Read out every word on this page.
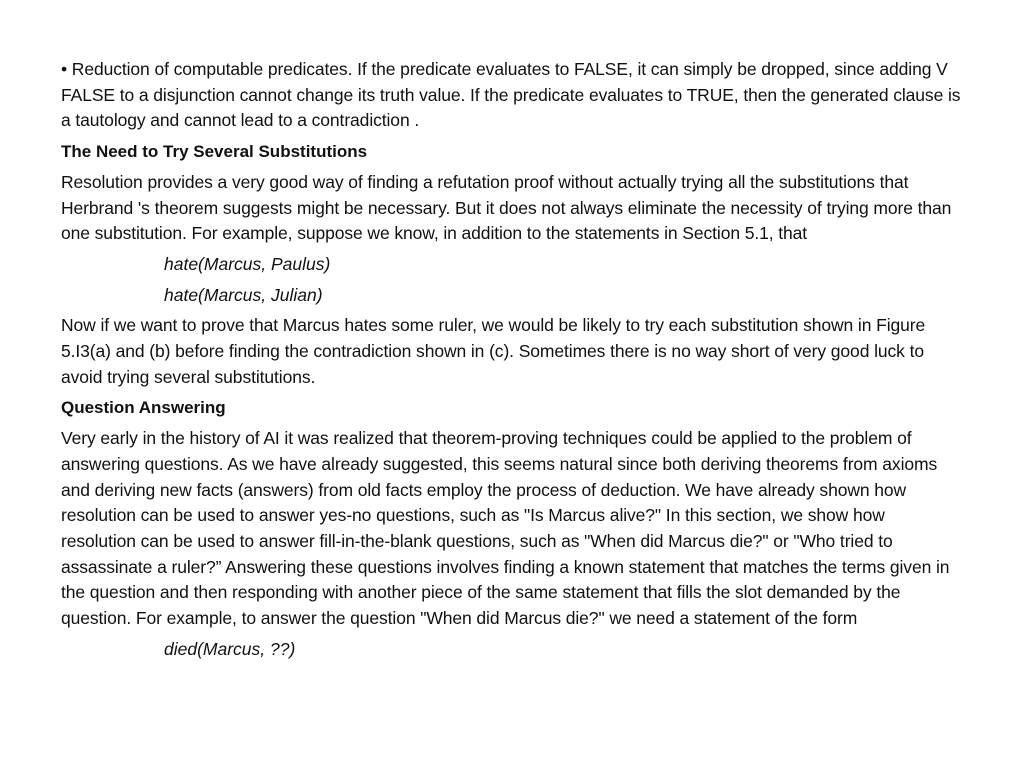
• Reduction of computable predicates. If the predicate evaluates to FALSE, it can simply be dropped, since adding V FALSE to a disjunction cannot change its truth value. If the predicate evaluates to TRUE, then the generated clause is a tautology and cannot lead to a contradiction .

The Need to Try Several Substitutions

Resolution provides a very good way of finding a refutation proof without actually trying all the substitutions that Herbrand 's theorem suggests might be necessary. But it does not always eliminate the necessity of trying more than one substitution. For example, suppose we know, in addition to the statements in Section 5.1, that

hate(Marcus, Paulus)

hate(Marcus, Julian)

Now if we want to prove that Marcus hates some ruler, we would be likely to try each substitution shown in Figure 5.I3(a) and (b) before finding the contradiction shown in (c). Sometimes there is no way short of very good luck to avoid trying several substitutions.

Question Answering

Very early in the history of AI it was realized that theorem-proving techniques could be applied to the problem of answering questions. As we have already suggested, this seems natural since both deriving theorems from axioms and deriving new facts (answers) from old facts employ the process of deduction. We have already shown how resolution can be used to answer yes-no questions, such as "Is Marcus alive?" In this section, we show how resolution can be used to answer fill-in-the-blank questions, such as "When did Marcus die?" or "Who tried to assassinate a ruler?” Answering these questions involves finding a known statement that matches the terms given in the question and then responding with another piece of the same statement that fills the slot demanded by the question. For example, to answer the question "When did Marcus die?" we need a statement of the form

died(Marcus, ??)
